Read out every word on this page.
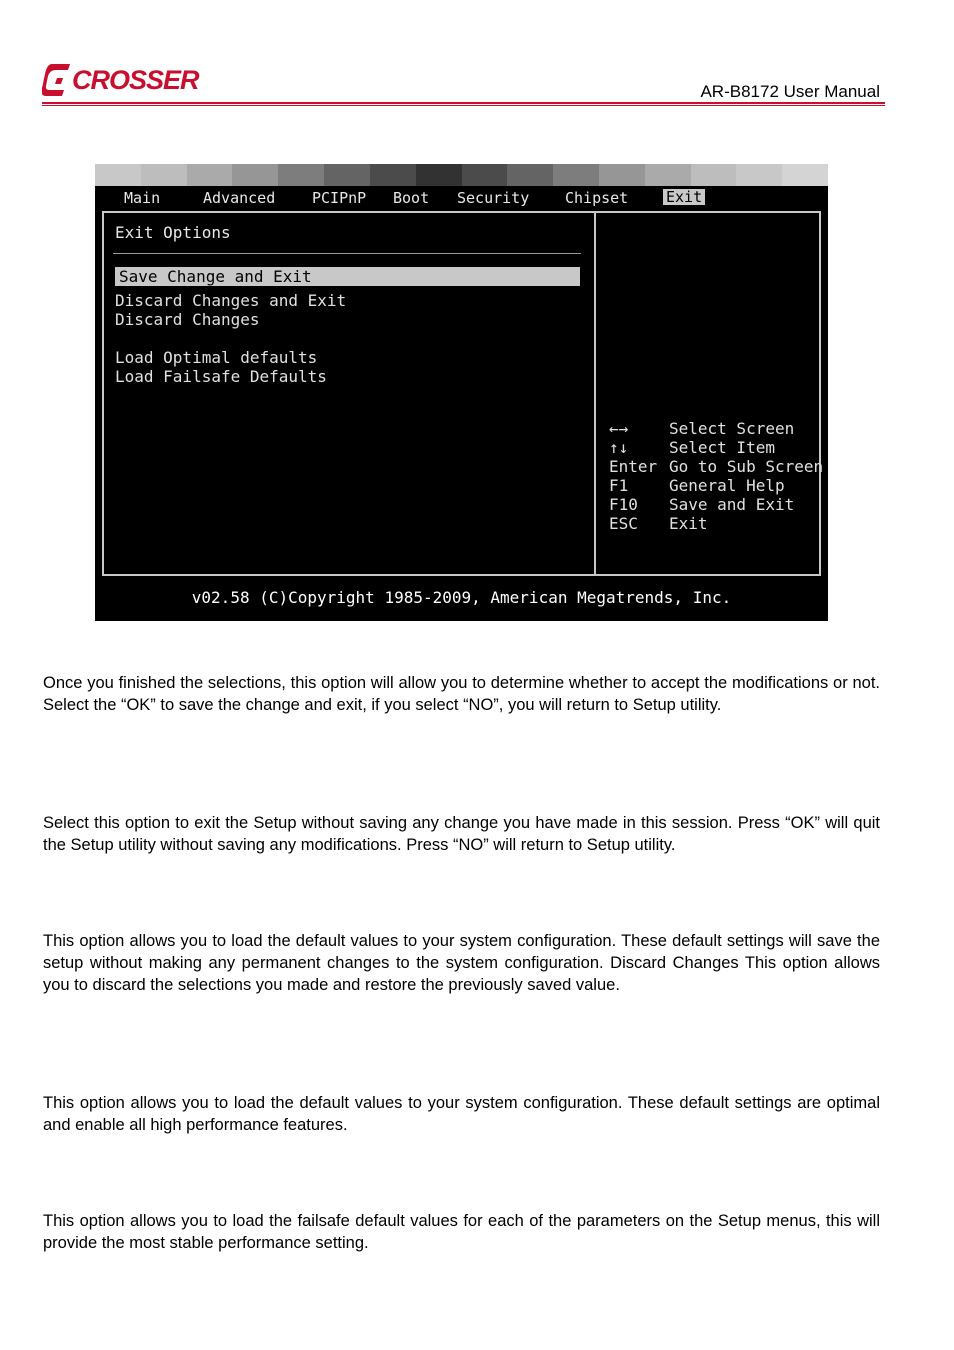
CROSSER	AR-B8172 User Manual
Main	Advanced PCIPnP Boot Security Chipset	Exit
Exit Options
Save Change and Exit
Discard Changes and Exit
Discard Changes
Load Optimal defaults
Load Failsafe Defaults
←→	Select Screen
↑↓	Select Item
Enter Go to Sub Screen
F1	General Help
F10 Save and Exit
ESC Exit
v02.58 (C)Copyright 1985-2009, American Megatrends, Inc.

Once you finished the selections, this option will allow you to determine whether to accept the modifications or not. Select the “OK” to save the change and exit, if you select “NO”, you will return to Setup utility.

Select this option to exit the Setup without saving any change you have made in this session. Press “OK” will quit the Setup utility without saving any modifications. Press “NO” will return to Setup utility.

This option allows you to load the default values to your system configuration. These default settings will save the setup without making any permanent changes to the system configuration. Discard Changes This option allows you to discard the selections you made and restore the previously saved value.

This option allows you to load the default values to your system configuration. These default settings are optimal and enable all high performance features.

This option allows you to load the failsafe default values for each of the parameters on the Setup menus, this will provide the most stable performance setting.
